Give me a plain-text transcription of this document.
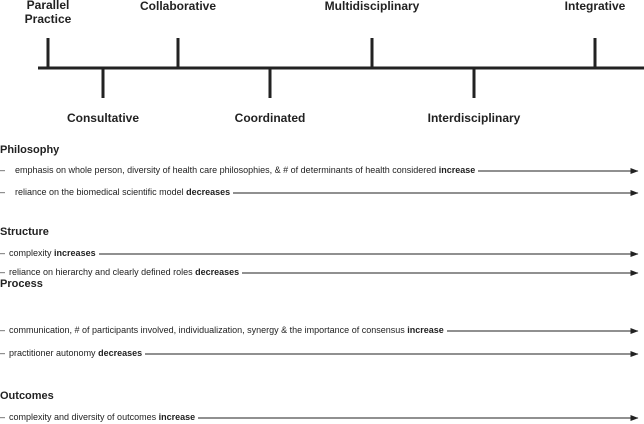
Parallel Practice
Consultative
Collaborative
Coordinated
Multidisciplinary
Interdisciplinary
Integrative
Philosophy
– emphasis on whole person, diversity of health care philosophies, & # of determinants of health considered increase
– reliance on the biomedical scientific model decreases
Structure
– complexity increases
– reliance on hierarchy and clearly defined roles decreases
Process
– communication, # of participants involved, individualization, synergy & the importance of consensus increase
– practitioner autonomy decreases
Outcomes
– complexity and diversity of outcomes increase
